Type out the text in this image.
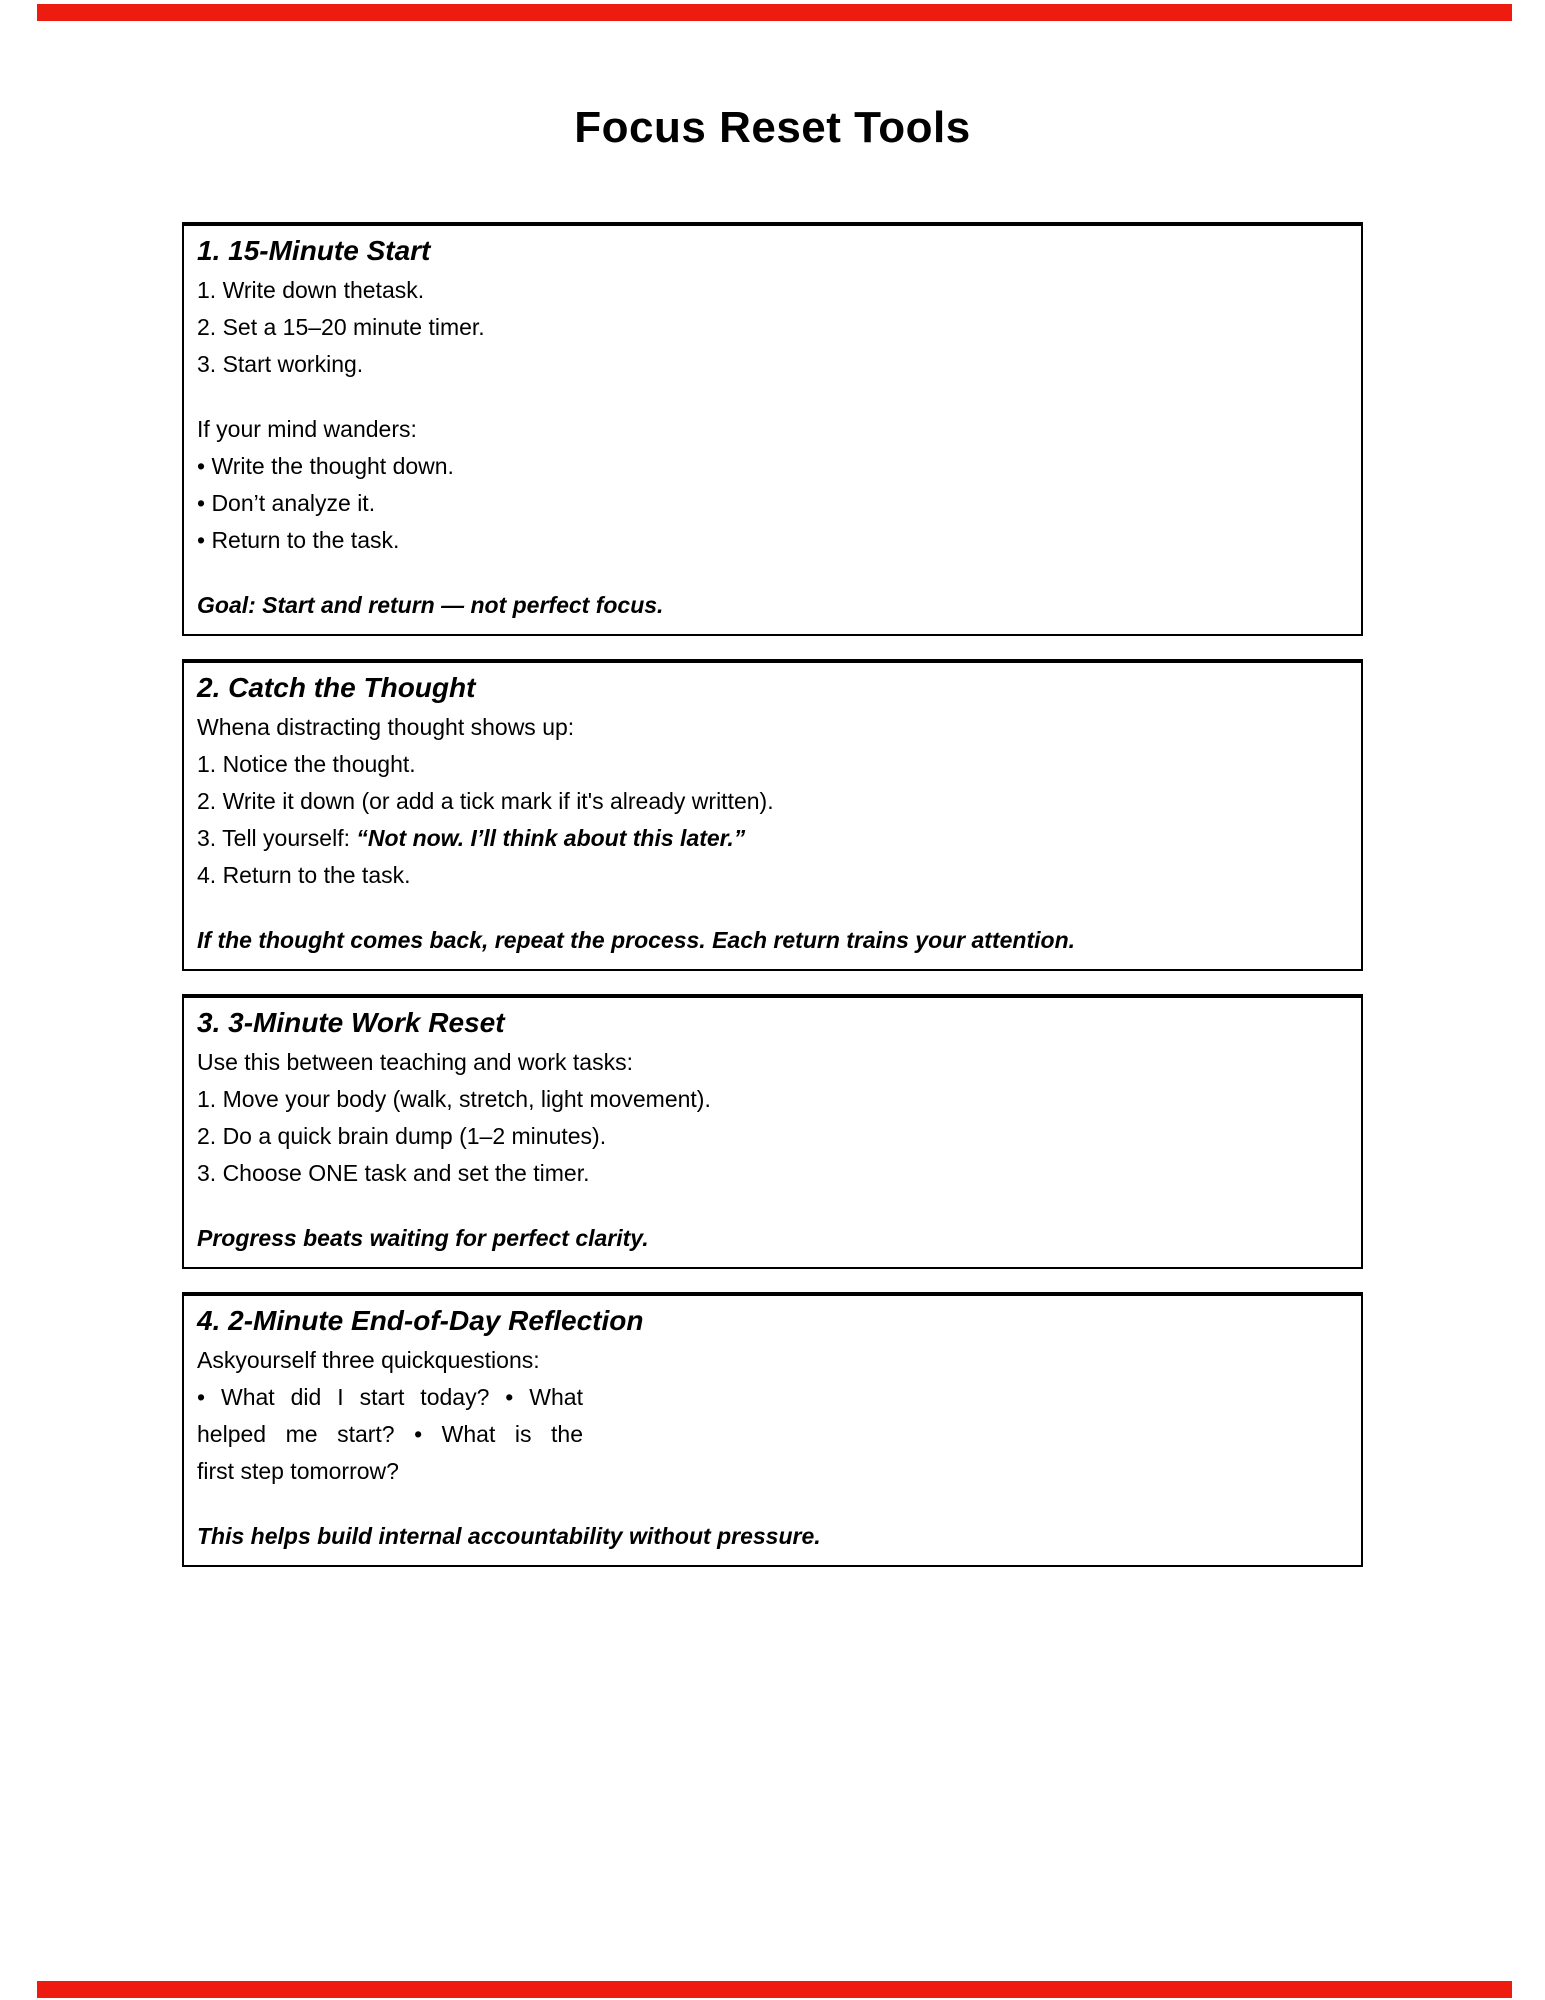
Focus Reset Tools
1. 15-Minute Start
1. Write down thetask.
2. Set a 15–20 minute timer.
3. Start working.
If your mind wanders:
• Write the thought down.
• Don’t analyze it.
• Return to the task.
Goal: Start and return — not perfect focus.
2. Catch the Thought
Whena distracting thought shows up:
1. Notice the thought.
2. Write it down (or add a tick mark if it's already written).
3. Tell yourself: “Not now. I’ll think about this later.”
4. Return to the task.
If the thought comes back, repeat the process. Each return trains your attention.
3. 3-Minute Work Reset
Use this between teaching and work tasks:
1. Move your body (walk, stretch, light movement).
2. Do a quick brain dump (1–2 minutes).
3. Choose ONE task and set the timer.
Progress beats waiting for perfect clarity.
4. 2-Minute End-of-Day Reflection
Askyourself three quickquestions:
• What did I start today? • What
helped me start? • What is the
first step tomorrow?
This helps build internal accountability without pressure.
